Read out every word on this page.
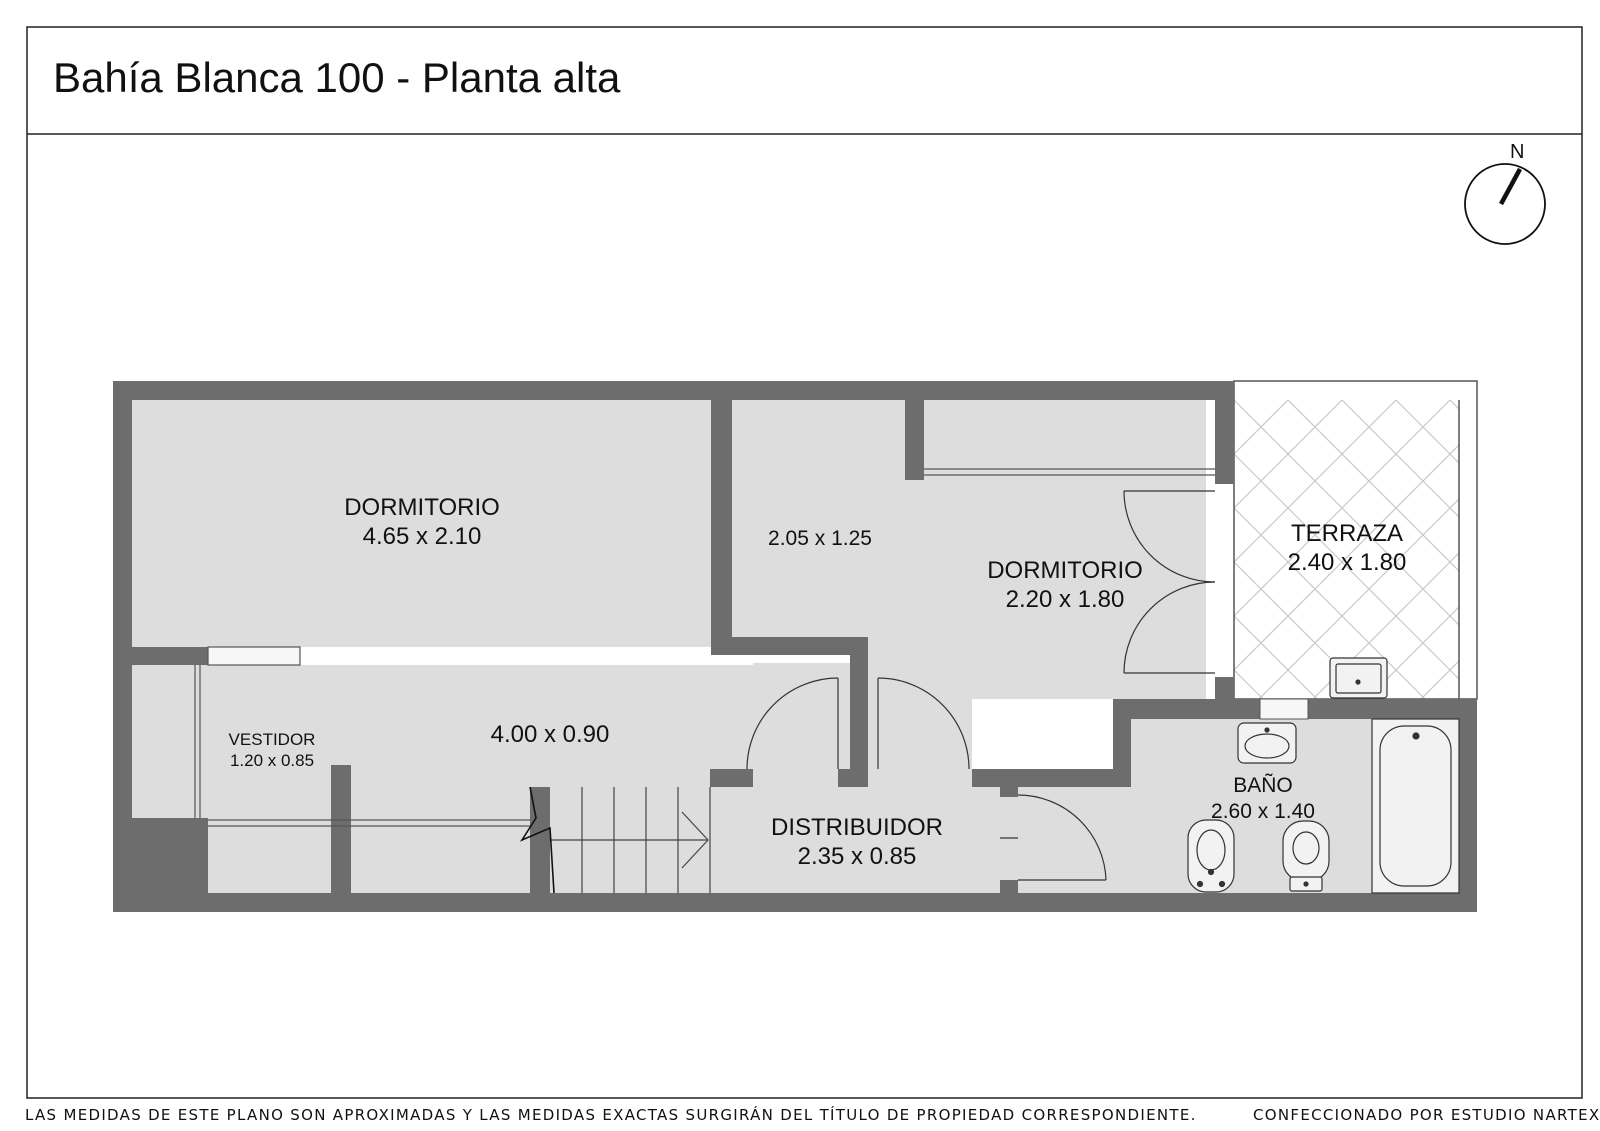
Bahía Blanca 100 - Planta alta
N
DORMITORIO
4.65 x 2.10
VESTIDOR
1.20 x 0.85
4.00 x 0.90
2.05 x 1.25
DORMITORIO
2.20 x 1.80
TERRAZA
2.40 x 1.80
DISTRIBUIDOR
2.35 x 0.85
BAÑO
2.60 x 1.40
LAS MEDIDAS DE ESTE PLANO SON APROXIMADAS Y LAS MEDIDAS EXACTAS SURGIRÁN DEL TÍTULO DE PROPIEDAD CORRESPONDIENTE.	CONFECCIONADO POR ESTUDIO NARTEX
